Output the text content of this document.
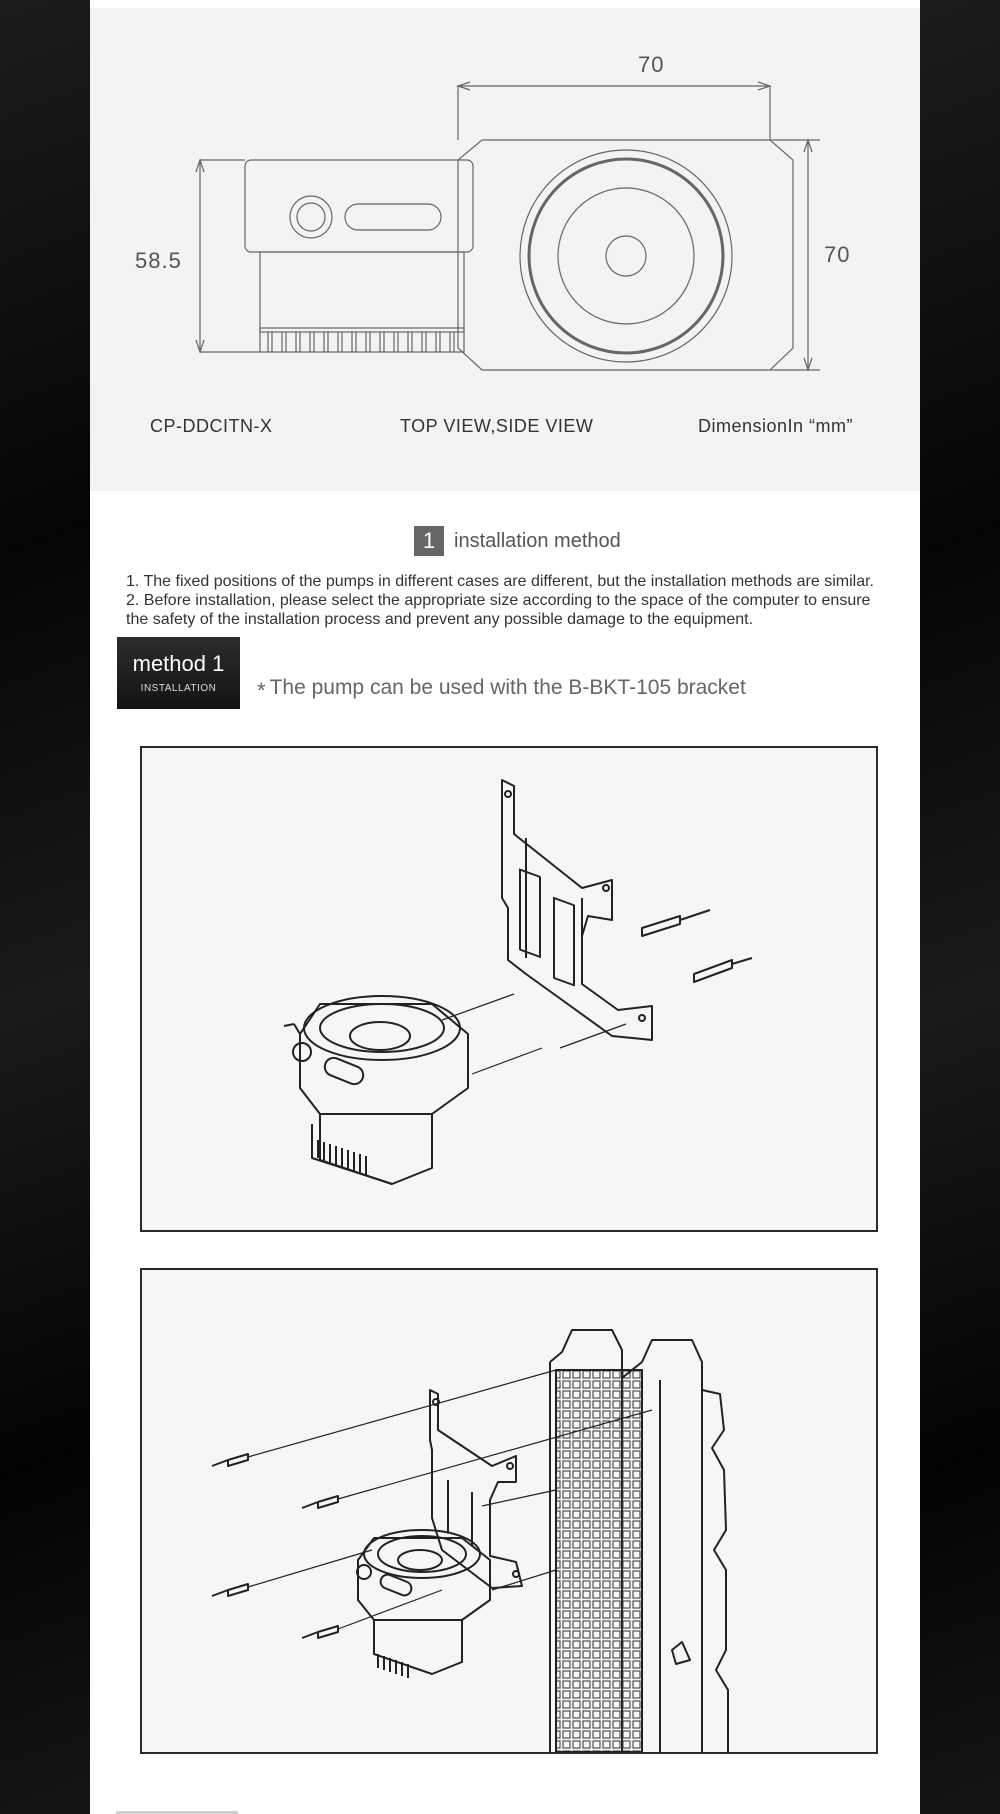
70
70
58.5
CP-DDCITN-X	TOP VIEW,SIDE VIEW	DimensionIn “mm”
1 installation method

1. The fixed positions of the pumps in different cases are different, but the installation methods are similar.

2. Before installation, please select the appropriate size according to the space of the computer to ensure the safety of the installation process and prevent any possible damage to the equipment.

method 1
INSTALLATION	* The pump can be used with the B-BKT-105 bracket
